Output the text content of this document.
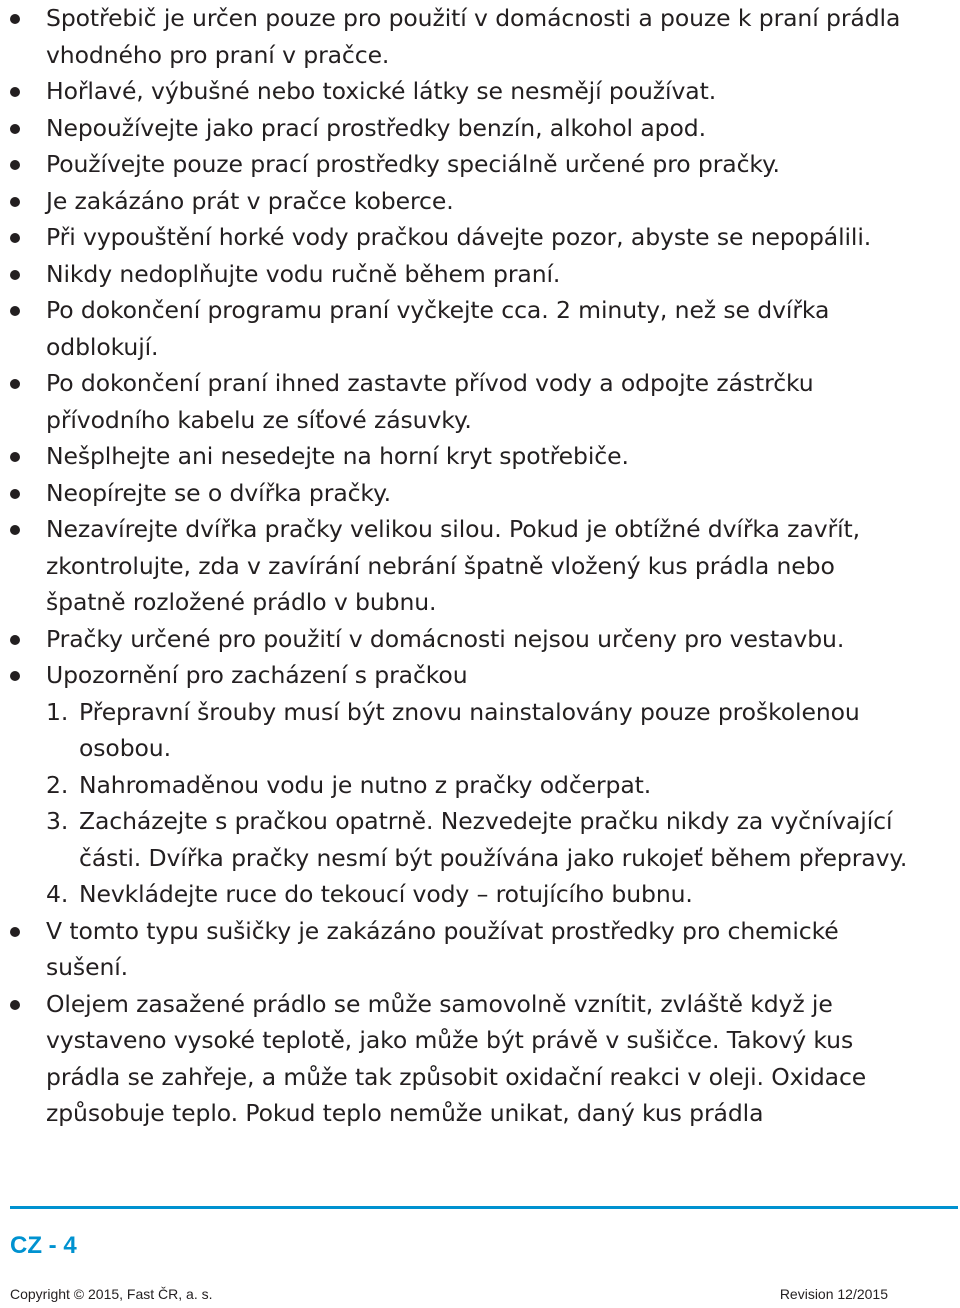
Spotřebič je určen pouze pro použití v domácnosti a pouze k praní prádla vhodného pro praní v pračce.
Hořlavé, výbušné nebo toxické látky se nesmějí používat.
Nepoužívejte jako prací prostředky benzín, alkohol apod.
Používejte pouze prací prostředky speciálně určené pro pračky.
Je zakázáno prát v pračce koberce.
Při vypouštění horké vody pračkou dávejte pozor, abyste se nepopálili.
Nikdy nedoplňujte vodu ručně během praní.
Po dokončení programu praní vyčkejte cca. 2 minuty, než se dvířka odblokují.
Po dokončení praní ihned zastavte přívod vody a odpojte zástrčku přívodního kabelu ze síťové zásuvky.
Nešplhejte ani nesedejte na horní kryt spotřebiče.
Neopírejte se o dvířka pračky.
Nezavírejte dvířka pračky velikou silou. Pokud je obtížné dvířka zavřít, zkontrolujte, zda v zavírání nebrání špatně vložený kus prádla nebo špatně rozložené prádlo v bubnu.
Pračky určené pro použití v domácnosti nejsou určeny pro vestavbu.
Upozornění pro zacházení s pračkou
1. Přepravní šrouby musí být znovu nainstalovány pouze proškolenou osobou.
2. Nahromaděnou vodu je nutno z pračky odčerpat.
3. Zacházejte s pračkou opatrně. Nezvedejte pračku nikdy za vyčnívající části. Dvířka pračky nesmí být používána jako rukojeť během přepravy.
4. Nevkládejte ruce do tekoucí vody – rotujícího bubnu.
V tomto typu sušičky je zakázáno používat prostředky pro chemické sušení.
Olejem zasažené prádlo se může samovolně vznítit, zvláště když je vystaveno vysoké teplotě, jako může být právě v sušičce. Takový kus prádla se zahřeje, a může tak způsobit oxidační reakci v oleji. Oxidace způsobuje teplo. Pokud teplo nemůže unikat, daný kus prádla
CZ - 4
Copyright © 2015, Fast ČR, a. s.	Revision 12/2015
